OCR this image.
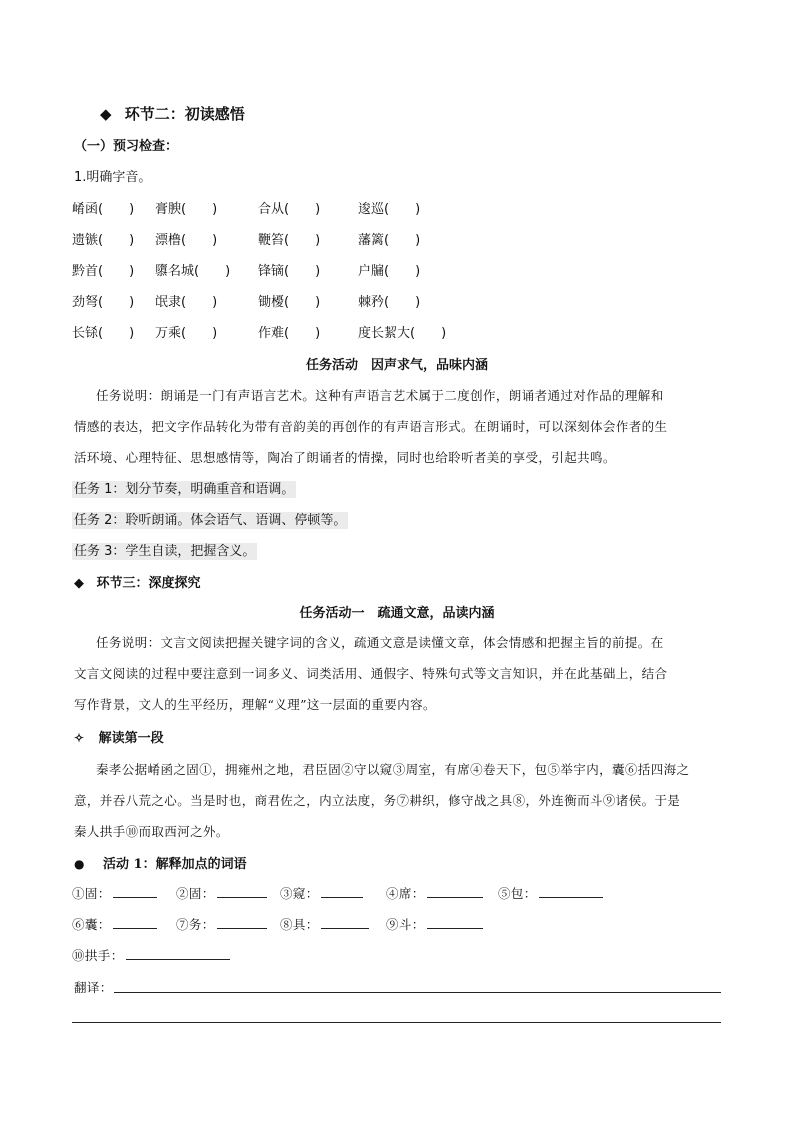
◆ 环节二：初读感悟
（一）预习检查：
1.明确字音。
崤函(　　) 膏腴(　　)	合从(　　)	逡巡(　　)
遗镞(　　) 漂橹(　　)	鞭笞(　　)	藩篱(　　)
黔首(　　) 隳名城(　　) 锋镝(　　)	户牖(　　)
劲弩(　　) 氓隶(　　)	锄櫌(　　)	棘矜(　　)
长铩(　　) 万乘(　　)	作难(　　)	度长絜大(　　)
任务活动　因声求气，品味内涵
任务说明：朗诵是一门有声语言艺术。这种有声语言艺术属于二度创作，朗诵者通过对作品的理解和
情感的表达，把文字作品转化为带有音韵美的再创作的有声语言形式。在朗诵时，可以深刻体会作者的生
活环境、心理特征、思想感情等，陶冶了朗诵者的情操，同时也给聆听者美的享受，引起共鸣。
任务 1：划分节奏，明确重音和语调。
任务 2：聆听朗诵。体会语气、语调、停顿等。
任务 3：学生自读，把握含义。
◆ 环节三：深度探究
任务活动一　疏通文意，品读内涵
任务说明：文言文阅读把握关键字词的含义，疏通文意是读懂文章，体会情感和把握主旨的前提。在
文言文阅读的过程中要注意到一词多义、词类活用、通假字、特殊句式等文言知识，并在此基础上，结合
写作背景，文人的生平经历，理解“义理”这一层面的重要内容。
✧ 解读第一段
秦孝公据崤函之固①，拥雍州之地，君臣固②守以窥③周室，有席④卷天下，包⑤举宇内，囊⑥括四海之
意，并吞八荒之心。当是时也，商君佐之，内立法度，务⑦耕织，修守战之具⑧，外连衡而斗⑨诸侯。于是
秦人拱手⑩而取西河之外。
● 活动 1：解释加点的词语
①固：	②固：	③窥：	④席：	⑤包：
⑥囊：	⑦务：	⑧具：	⑨斗：
⑩拱手：
翻译：
